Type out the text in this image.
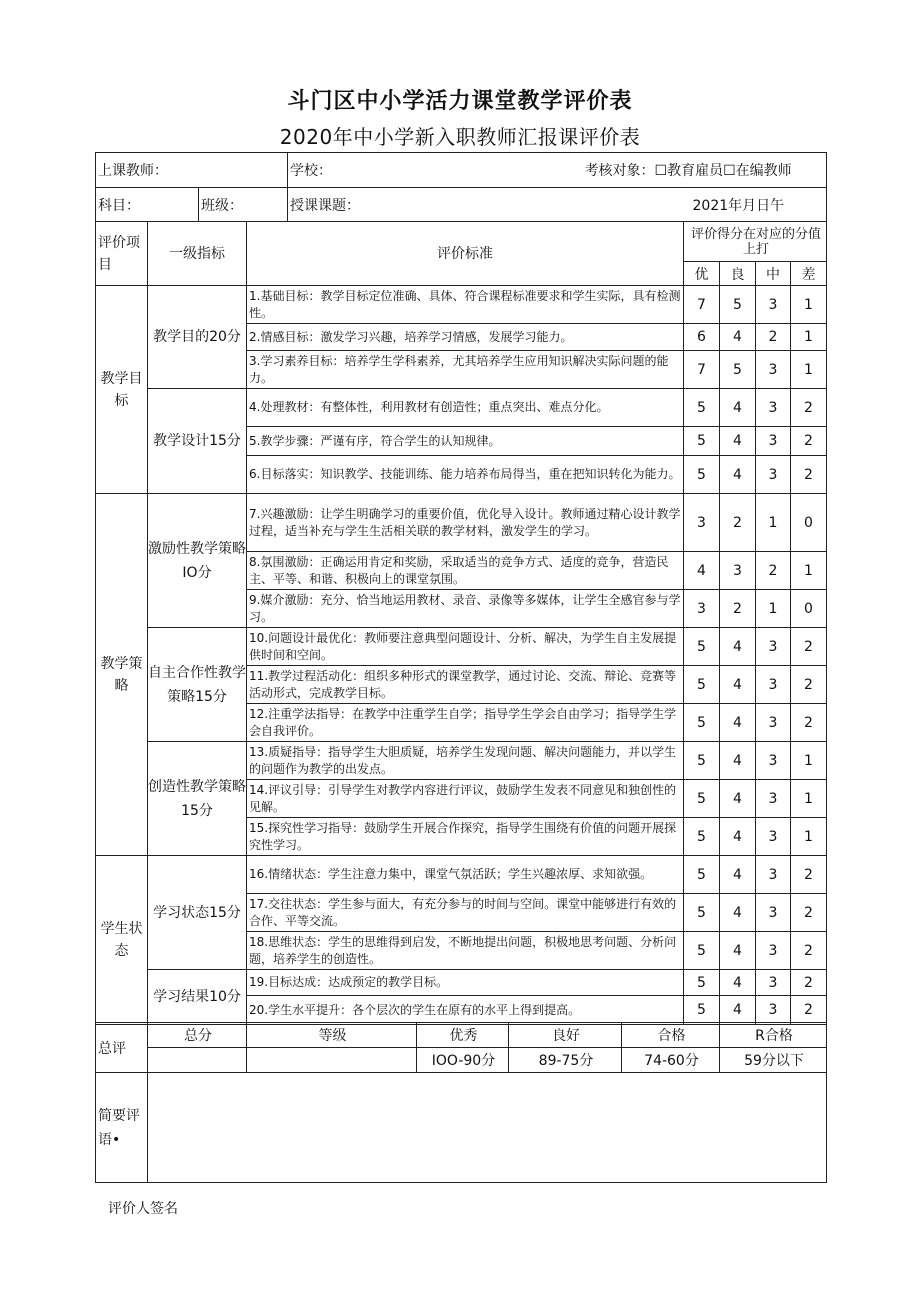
斗门区中小学活力课堂教学评价表
2020年中小学新入职教师汇报课评价表
上课教师：		学校：	考核对象：☐教育雇员☐在编教师
科目：	班级：	授课课题：	2021年月日午
评价项目	一级指标	评价标准	评价得分在对应的分值上打			
			优	良	中	差
教学目标	教学目的20分	1.基础目标：教学目标定位准确、具体、符合课程标准要求和学生实际，具有检测性。	7	5	3	1
		2.情感目标：激发学习兴趣，培养学习情感，发展学习能力。	6	4	2	1
		3.学习素养目标：培养学生学科素养，尤其培养学生应用知识解决实际问题的能力。	7	5	3	1
	教学设计15分	4.处理教材：有整体性，利用教材有创造性；重点突出、难点分化。	5	4	3	2
		5.教学步骤：严谨有序，符合学生的认知规律。	5	4	3	2
		6.目标落实：知识教学、技能训练、能力培养布局得当，重在把知识转化为能力。	5	4	3	2
教学策略	激励性教学策略IO分	7.兴趣激励：让学生明确学习的重要价值，优化导入设计。教师通过精心设计教学过程，适当补充与学生生活相关联的教学材料，激发学生的学习。	3	2	1	0
		8.氛围激励：正确运用肯定和奖励，采取适当的竞争方式、适度的竞争，营造民主、平等、和谐、积极向上的课堂氛围。	4	3	2	1
		9.媒介激励：充分、恰当地运用教材、录音、录像等多媒体，让学生全感官参与学习。	3	2	1	0
	自主合作性教学策略15分	10.问题设计最优化：教师要注意典型问题设计、分析、解决，为学生自主发展提供时间和空间。	5	4	3	2
		11.教学过程活动化：组织多种形式的课堂教学，通过讨论、交流、辩论、竞赛等活动形式，完成教学目标。	5	4	3	2
		12.注重学法指导：在教学中注重学生自学；指导学生学会自由学习；指导学生学会自我评价。	5	4	3	2
	创造性教学策略15分	13.质疑指导：指导学生大胆质疑，培养学生发现问题、解决问题能力，并以学生的问题作为教学的出发点。	5	4	3	1
		14.评议引导：引导学生对教学内容进行评议，鼓励学生发表不同意见和独创性的见解。	5	4	3	1
		15.探究性学习指导：鼓励学生开展合作探究，指导学生围绕有价值的问题开展探究性学习。	5	4	3	1
学生状态	学习状态15分	16.情绪状态：学生注意力集中，课堂气氛活跃；学生兴趣浓厚、求知欲强。	5	4	3	2
		17.交往状态：学生参与面大，有充分参与的时间与空间。课堂中能够进行有效的合作、平等交流。	5	4	3	2
		18.思维状态：学生的思维得到启发，不断地提出问题，积极地思考问题、分析问题，培养学生的创造性。	5	4	3	2
	学习结果10分	19.目标达成：达成预定的教学目标。	5	4	3	2
		20.学生水平提升：各个层次的学生在原有的水平上得到提高。	5	4	3	2
总评	总分	等级	优秀	良好	合格	R合格
			IOO-90分	89-75分	74-60分	59分以下
简要评语•						
评价人签名
